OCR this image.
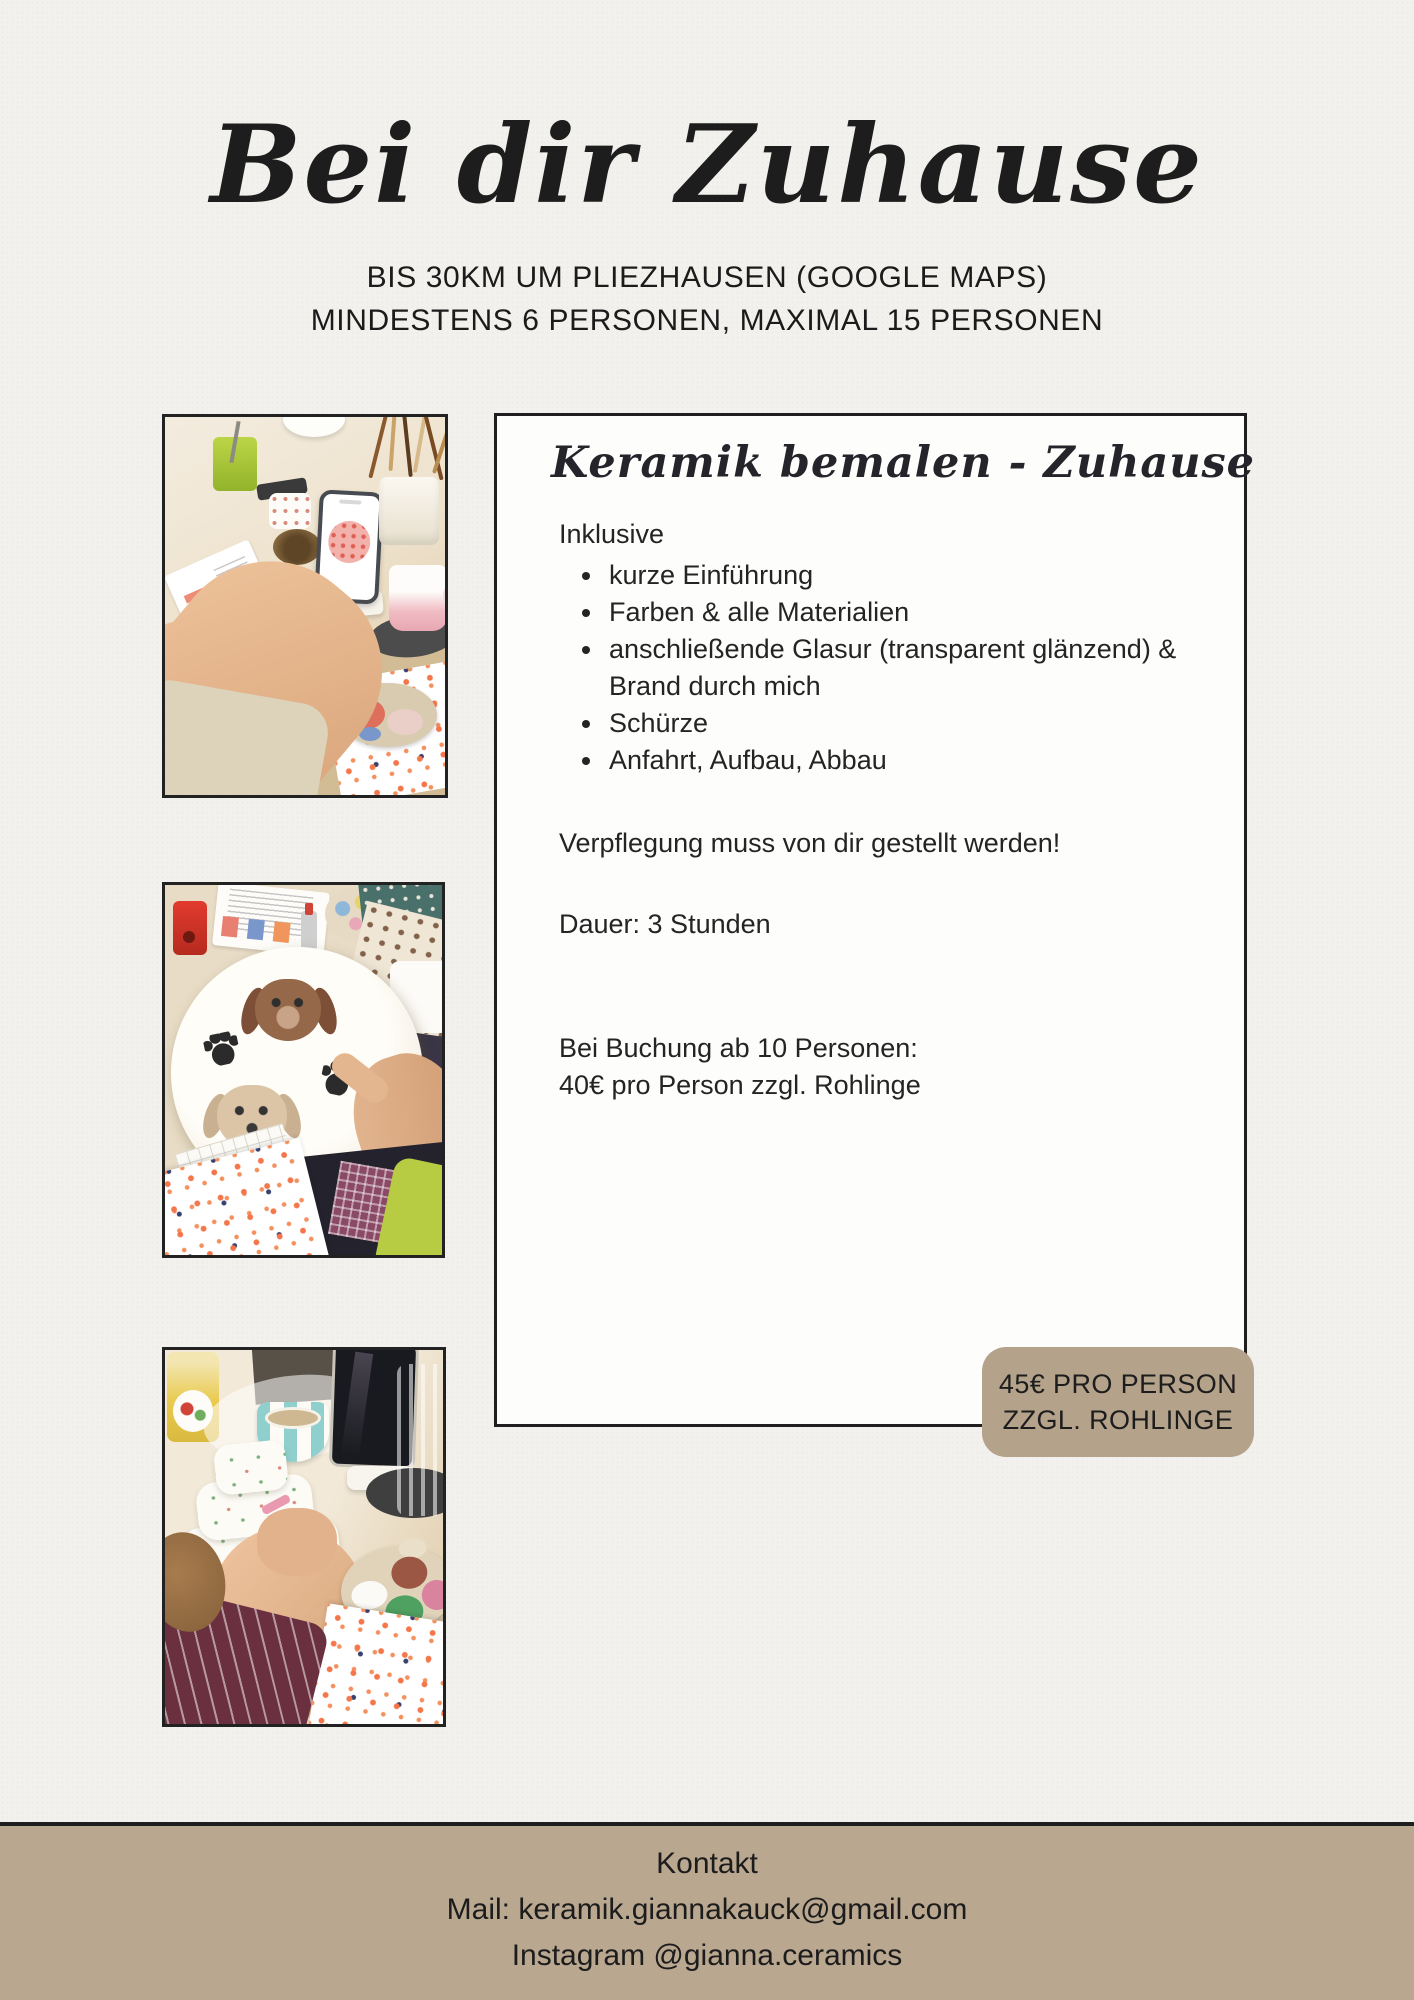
Bei dir Zuhause
BIS 30KM UM PLIEZHAUSEN (GOOGLE MAPS)
MINDESTENS 6 PERSONEN, MAXIMAL 15 PERSONEN
Keramik bemalen - Zuhause
Inklusive
• kurze Einführung
• Farben & alle Materialien
• anschließende Glasur (transparent glänzend) & Brand durch mich
• Schürze
• Anfahrt, Aufbau, Abbau
Verpflegung muss von dir gestellt werden!
Dauer: 3 Stunden
Bei Buchung ab 10 Personen:
40€ pro Person zzgl. Rohlinge
45€ PRO PERSON
ZZGL. ROHLINGE
Kontakt
Mail: keramik.giannakauck@gmail.com
Instagram @gianna.ceramics
